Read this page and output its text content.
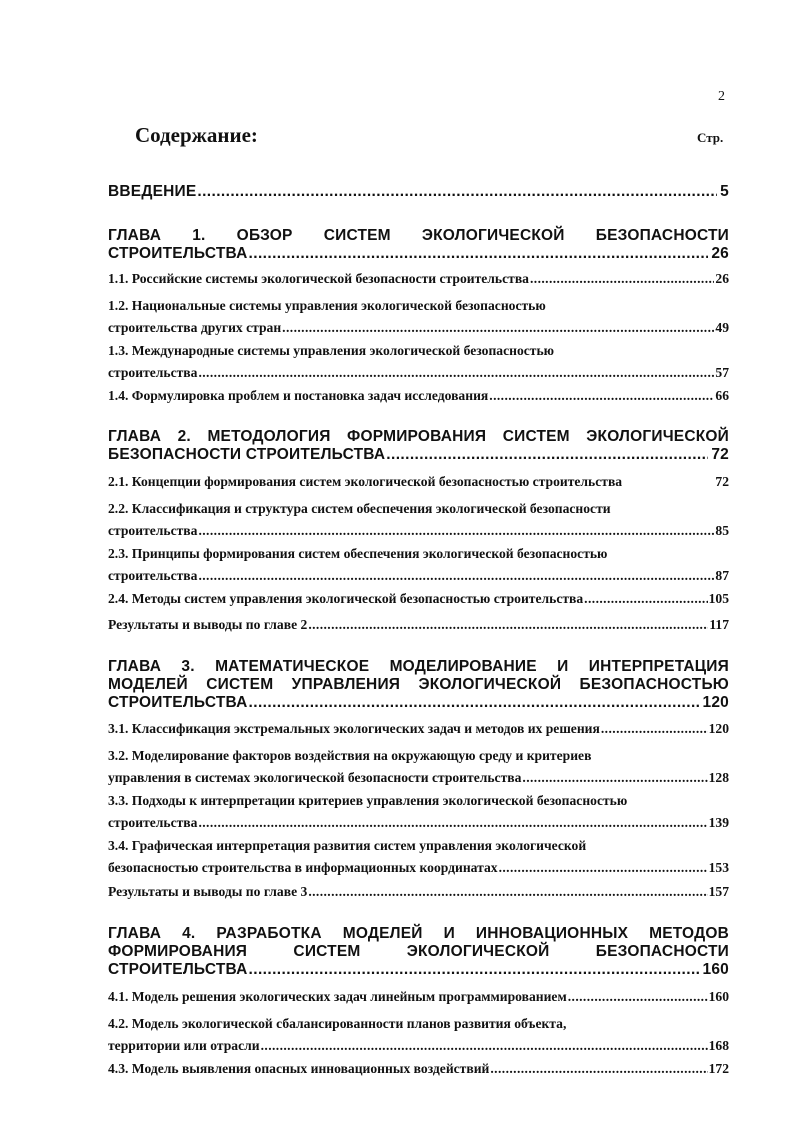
2
Содержание:	Стр.
ВВЕДЕНИЕ .....	5
ГЛАВА 1. ОБЗОР СИСТЕМ ЭКОЛОГИЧЕСКОЙ БЕЗОПАСНОСТИ
СТРОИТЕЛЬСТВА .....	26
1.1. Российские системы экологической безопасности строительства .....	26
1.2. Национальные системы управления экологической безопасностью
строительства других стран .....	49
1.3. Международные системы управления экологической безопасностью
строительства .....	57
1.4. Формулировка проблем и постановка задач исследования .....	66
ГЛАВА 2. МЕТОДОЛОГИЯ ФОРМИРОВАНИЯ СИСТЕМ ЭКОЛОГИЧЕСКОЙ
БЕЗОПАСНОСТИ СТРОИТЕЛЬСТВА .....	72
2.1. Концепции формирования систем экологической безопасностью строительства	72
2.2. Классификация и структура систем обеспечения экологической безопасности
строительства .....	85
2.3. Принципы формирования систем обеспечения экологической безопасностью
строительства .....	87
2.4. Методы систем управления экологической безопасностью строительства .....	105
Результаты и выводы по главе 2 .....	117
ГЛАВА 3. МАТЕМАТИЧЕСКОЕ МОДЕЛИРОВАНИЕ И ИНТЕРПРЕТАЦИЯ
МОДЕЛЕЙ СИСТЕМ УПРАВЛЕНИЯ ЭКОЛОГИЧЕСКОЙ БЕЗОПАСНОСТЬЮ
СТРОИТЕЛЬСТВА .....	120
3.1. Классификация экстремальных экологических задач и методов их решения .....	120
3.2. Моделирование факторов воздействия на окружающую среду и критериев
управления в системах экологической безопасности строительства .....	128
3.3. Подходы к интерпретации критериев управления экологической безопасностью
строительства .....	139
3.4. Графическая интерпретация развития систем управления экологической
безопасностью строительства в информационных координатах .....	153
Результаты и выводы по главе 3 .....	157
ГЛАВА 4. РАЗРАБОТКА МОДЕЛЕЙ И ИННОВАЦИОННЫХ МЕТОДОВ
ФОРМИРОВАНИЯ СИСТЕМ ЭКОЛОГИЧЕСКОЙ БЕЗОПАСНОСТИ
СТРОИТЕЛЬСТВА .....	160
4.1. Модель решения экологических задач линейным программированием .....	160
4.2. Модель экологической сбалансированности планов развития объекта,
территории или отрасли .....	168
4.3. Модель выявления опасных инновационных воздействий .....	172
